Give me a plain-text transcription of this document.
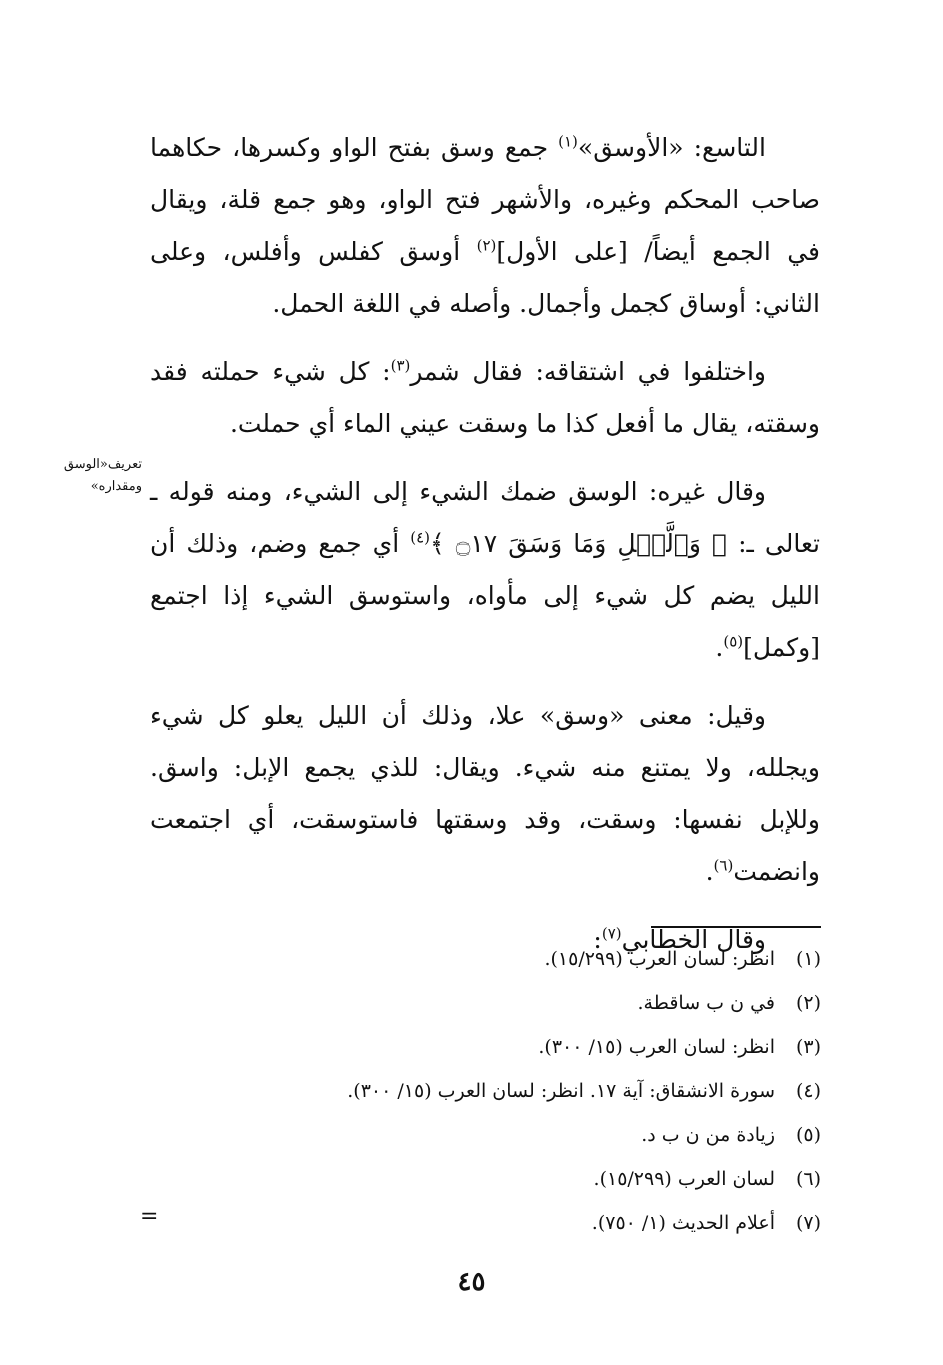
التاسع: «الأوسق»$^{(١)}$ جمع وسق بفتح الواو وكسرها، حكاهما صاحب المحكم وغيره، والأشهر فتح الواو، وهو جمع قلة، ويقال في الجمع أيضاً/ [على الأول]$^{(٢)}$ أوسق كفلس وأفلس، وعلى الثاني: أوساق كجمل وأجمال. وأصله في اللغة الحمل.

واختلفوا في اشتقاقه: فقال شمر$^{(٣)}$: كل شيء حملته فقد وسقته، يقال ما أفعل كذا ما وسقت عيني الماء أي حملت.

وقال غيره: الوسق ضمك الشيء إلى الشيء، ومنه قوله ـ تعالى ـ: ﴿ وَٱلَّيۡلِ وَمَا وَسَقَ ۝١٧ ﴾$^{(٤)}$ أي جمع وضم، وذلك أن الليل يضم كل شيء إلى مأواه، واستوسق الشيء إذا اجتمع [وكمل]$^{(٥)}$.

وقيل: معنى «وسق» علا، وذلك أن الليل يعلو كل شيء ويجلله، ولا يمتنع منه شيء. ويقال: للذي يجمع الإبل: واسق. وللإبل نفسها: وسقت، وقد وسقتها فاستوسقت، أي اجتمعت وانضمت$^{(٦)}$.

وقال الخطابي$^{(٧)}$:

تعريف«الوسق
ومقداره»
(١)
انظر: لسان العرب (١٥/٢٩٩).
(٢)
في ن ب ساقطة.
(٣)
انظر: لسان العرب (١٥/ ٣٠٠).
(٤)
سورة الانشقاق: آية ١٧. انظر: لسان العرب (١٥/ ٣٠٠).
(٥)
زيادة من ن ب د.
(٦)
لسان العرب (١٥/٢٩٩).
(٧)
أعلام الحديث (١/ ٧٥٠).
=
٤٥
